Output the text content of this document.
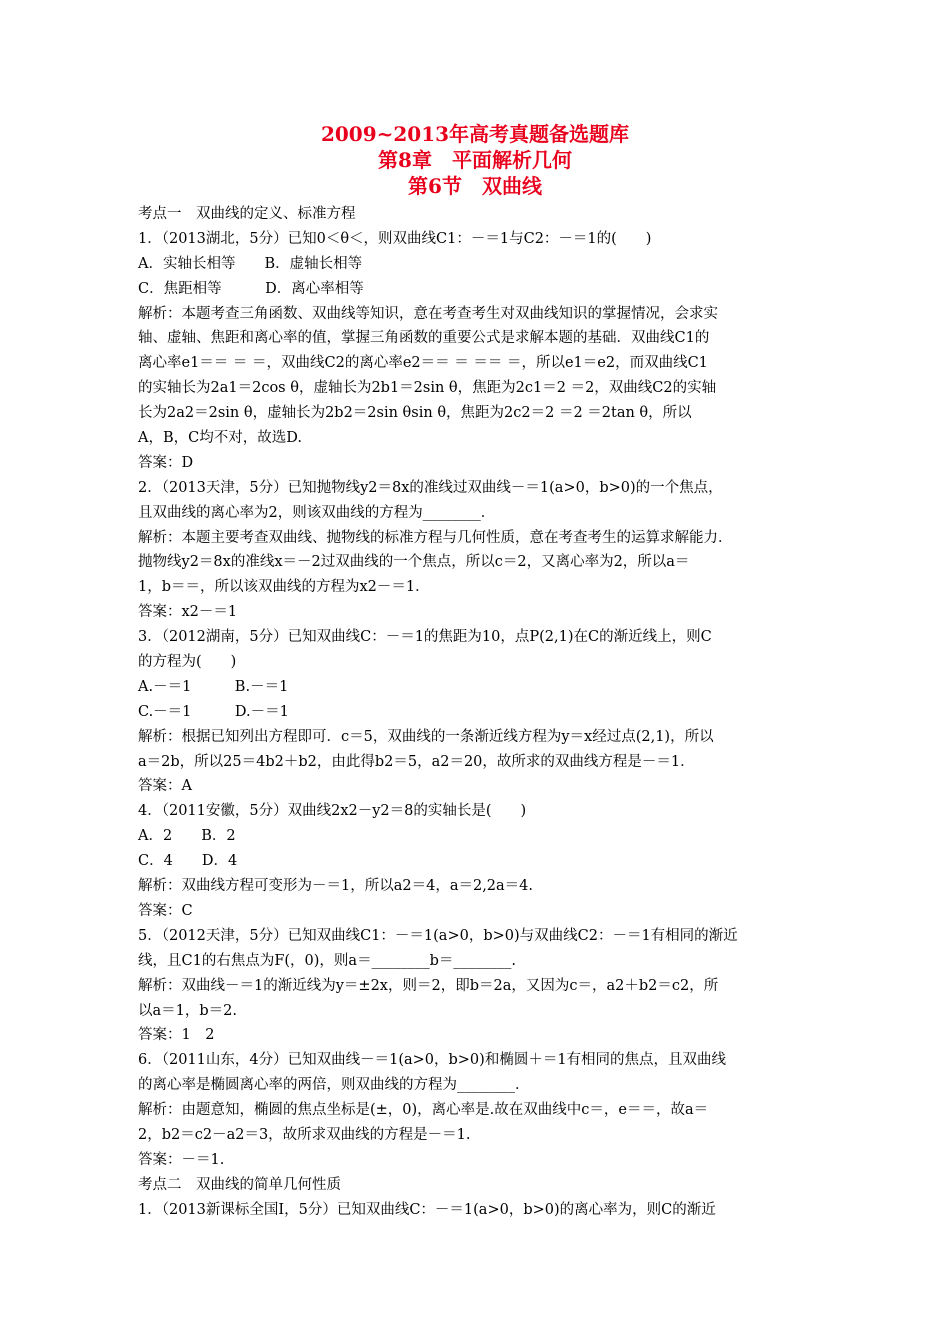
2009~2013年高考真题备选题库
第8章　平面解析几何
第6节　双曲线
考点一　双曲线的定义、标准方程
1．（2013湖北，5分）已知0＜θ＜，则双曲线C1：－＝1与C2：－＝1的(　　)
A．实轴长相等　　B．虚轴长相等
C．焦距相等　　　D．离心率相等
解析：本题考查三角函数、双曲线等知识，意在考查考生对双曲线知识的掌握情况，会求实
轴、虚轴、焦距和离心率的值，掌握三角函数的重要公式是求解本题的基础．双曲线C1的
离心率e1＝＝ ＝ ＝，双曲线C2的离心率e2＝＝ ＝ ＝＝ ＝，所以e1＝e2，而双曲线C1
的实轴长为2a1＝2cos θ，虚轴长为2b1＝2sin θ，焦距为2c1＝2 ＝2，双曲线C2的实轴
长为2a2＝2sin θ，虚轴长为2b2＝2sin θsin θ，焦距为2c2＝2 ＝2 ＝2tan θ，所以
A，B，C均不对，故选D.
答案：D
2．（2013天津，5分）已知抛物线y2＝8x的准线过双曲线－＝1(a>0，b>0)的一个焦点，
且双曲线的离心率为2，则该双曲线的方程为________．
解析：本题主要考查双曲线、抛物线的标准方程与几何性质，意在考查考生的运算求解能力．
抛物线y2＝8x的准线x＝－2过双曲线的一个焦点，所以c＝2，又离心率为2，所以a＝
1，b＝＝，所以该双曲线的方程为x2－＝1．
答案：x2－＝1
3．（2012湖南，5分）已知双曲线C：－＝1的焦距为10，点P(2,1)在C的渐近线上，则C
的方程为(　　)
A.－＝1　　　B.－＝1
C.－＝1　　　D.－＝1
解析：根据已知列出方程即可．c＝5，双曲线的一条渐近线方程为y＝x经过点(2,1)，所以
a＝2b，所以25＝4b2＋b2，由此得b2＝5，a2＝20，故所求的双曲线方程是－＝1．
答案：A
4．（2011安徽，5分）双曲线2x2－y2＝8的实轴长是(　　)
A．2　　B．2
C．4　　D．4
解析：双曲线方程可变形为－＝1，所以a2＝4，a＝2,2a＝4.
答案：C
5．（2012天津，5分）已知双曲线C1：－＝1(a>0，b>0)与双曲线C2：－＝1有相同的渐近
线，且C1的右焦点为F(，0)，则a＝________b＝________.
解析：双曲线－＝1的渐近线为y＝±2x，则＝2，即b＝2a，又因为c＝，a2＋b2＝c2，所
以a＝1，b＝2.
答案：1　2
6．（2011山东，4分）已知双曲线－＝1(a>0，b>0)和椭圆＋＝1有相同的焦点，且双曲线
的离心率是椭圆离心率的两倍，则双曲线的方程为________．
解析：由题意知，椭圆的焦点坐标是(±，0)，离心率是.故在双曲线中c＝，e＝＝，故a＝
2，b2＝c2－a2＝3，故所求双曲线的方程是－＝1.
答案：－＝1.
考点二　双曲线的简单几何性质
1．（2013新课标全国Ⅰ，5分）已知双曲线C：－＝1(a>0，b>0)的离心率为，则C的渐近
